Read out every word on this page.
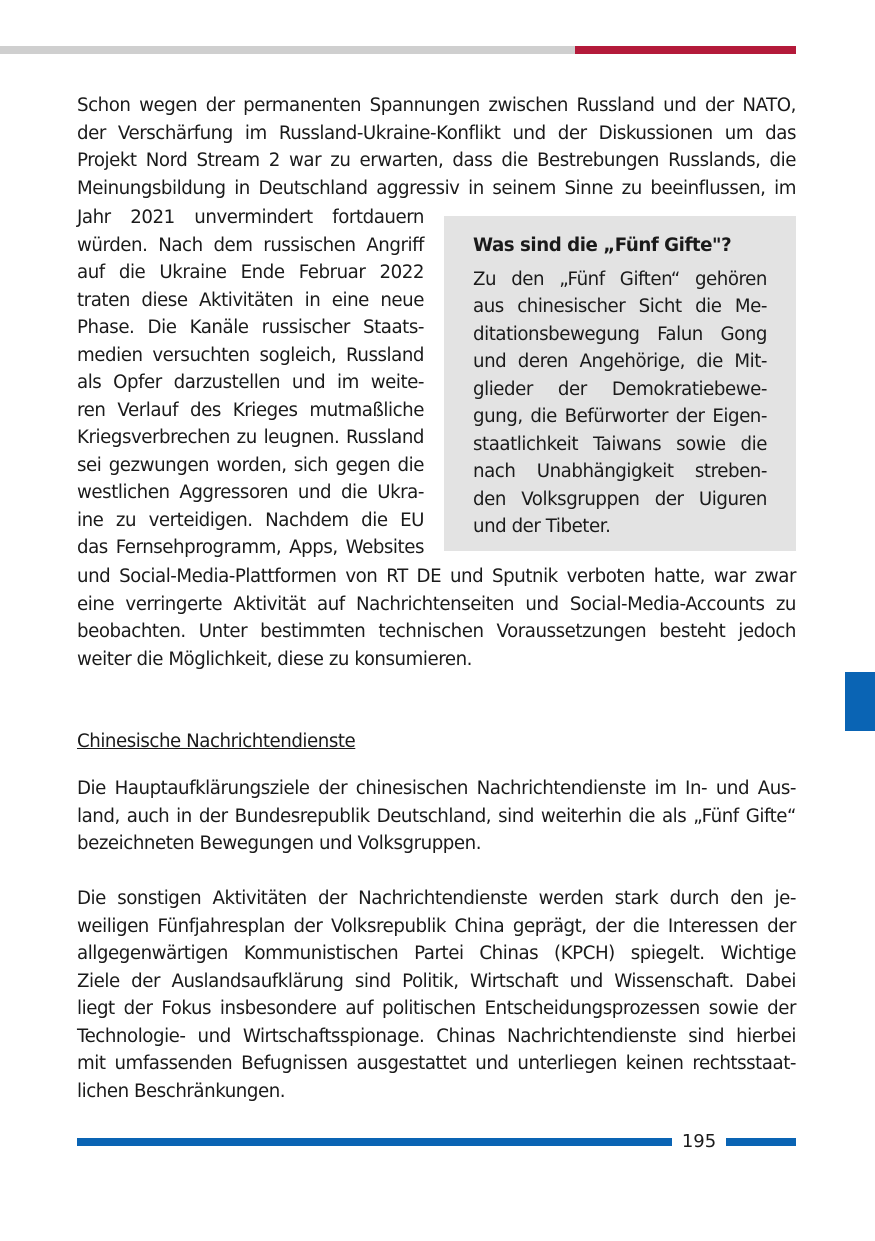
Schon wegen der permanenten Spannungen zwischen Russland und der NATO,

der Verschärfung im Russland-Ukraine-Konflikt und der Diskussionen um das

Projekt Nord Stream 2 war zu erwarten, dass die Bestrebungen Russlands, die

Meinungsbildung in Deutschland aggressiv in seinem Sinne zu beeinflussen, im

Jahr 2021 unvermindert fortdauern

würden. Nach dem russischen Angriff

auf die Ukraine Ende Februar 2022

traten diese Aktivitäten in eine neue

Phase. Die Kanäle russischer Staats-

medien versuchten sogleich, Russland

als Opfer darzustellen und im weite-

ren Verlauf des Krieges mutmaßliche

Kriegsverbrechen zu leugnen. Russland

sei gezwungen worden, sich gegen die

westlichen Aggressoren und die Ukra-

ine zu verteidigen. Nachdem die EU

das Fernsehprogramm, Apps, Websites

und Social-Media-Plattformen von RT DE und Sputnik verboten hatte, war zwar

eine verringerte Aktivität auf Nachrichtenseiten und Social-Media-Accounts zu

beobachten. Unter bestimmten technischen Voraussetzungen besteht jedoch

weiter die Möglichkeit, diese zu konsumieren.

Was sind die „Fünf Gifte"?

Zu den „Fünf Giften“ gehören

aus chinesischer Sicht die Me-

ditationsbewegung Falun Gong

und deren Angehörige, die Mit-

glieder der Demokratiebewe-

gung, die Befürworter der Eigen-

staatlichkeit Taiwans sowie die

nach Unabhängigkeit streben-

den Volksgruppen der Uiguren

und der Tibeter.

Chinesische Nachrichtendienste

Die Hauptaufklärungsziele der chinesischen Nachrichtendienste im In- und Aus-

land, auch in der Bundesrepublik Deutschland, sind weiterhin die als „Fünf Gifte“

bezeichneten Bewegungen und Volksgruppen.

Die sonstigen Aktivitäten der Nachrichtendienste werden stark durch den je-

weiligen Fünfjahresplan der Volksrepublik China geprägt, der die Interessen der

allgegenwärtigen Kommunistischen Partei Chinas (KPCH) spiegelt. Wichtige

Ziele der Auslandsaufklärung sind Politik, Wirtschaft und Wissenschaft. Dabei

liegt der Fokus insbesondere auf politischen Entscheidungsprozessen sowie der

Technologie- und Wirtschaftsspionage. Chinas Nachrichtendienste sind hierbei

mit umfassenden Befugnissen ausgestattet und unterliegen keinen rechtsstaat-

lichen Beschränkungen.

195
